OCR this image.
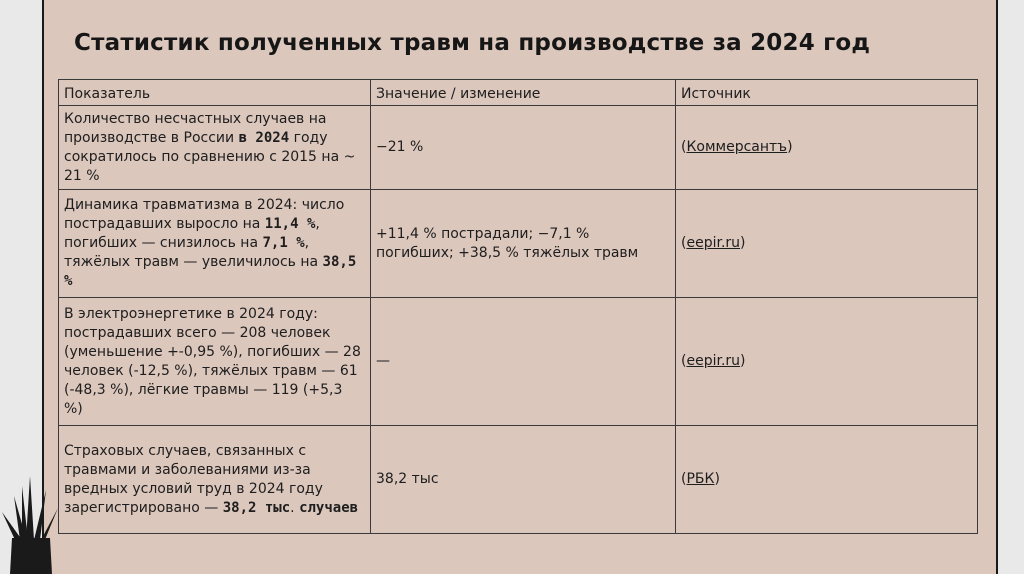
Статистик полученных травм на производстве за 2024 год
Показатель	Значение / изменение	Источник
Количество несчастных случаев на производстве в России в 2024 году сократилось по сравнению с 2015 на ~ 21 %	−21 %	(Коммерсантъ)
Динамика травматизма в 2024: число пострадавших выросло на 11,4 %, погибших — снизилось на 7,1 %, тяжёлых травм — увеличилось на 38,5 %	+11,4 % пострадали; −7,1 % погибших; +38,5 % тяжёлых травм	(eepir.ru)
В электроэнергетике в 2024 году: пострадавших всего — 208 человек (уменьшение +-0,95 %), погибших — 28 человек (-12,5 %), тяжёлых травм — 61 (-48,3 %), лёгкие травмы — 119 (+5,3 %)	—	(eepir.ru)
Страховых случаев, связанных с травмами и заболеваниями из-за вредных условий труд в 2024 году зарегистрировано — 38,2 тыс. случаев	38,2 тыс	(РБК)
